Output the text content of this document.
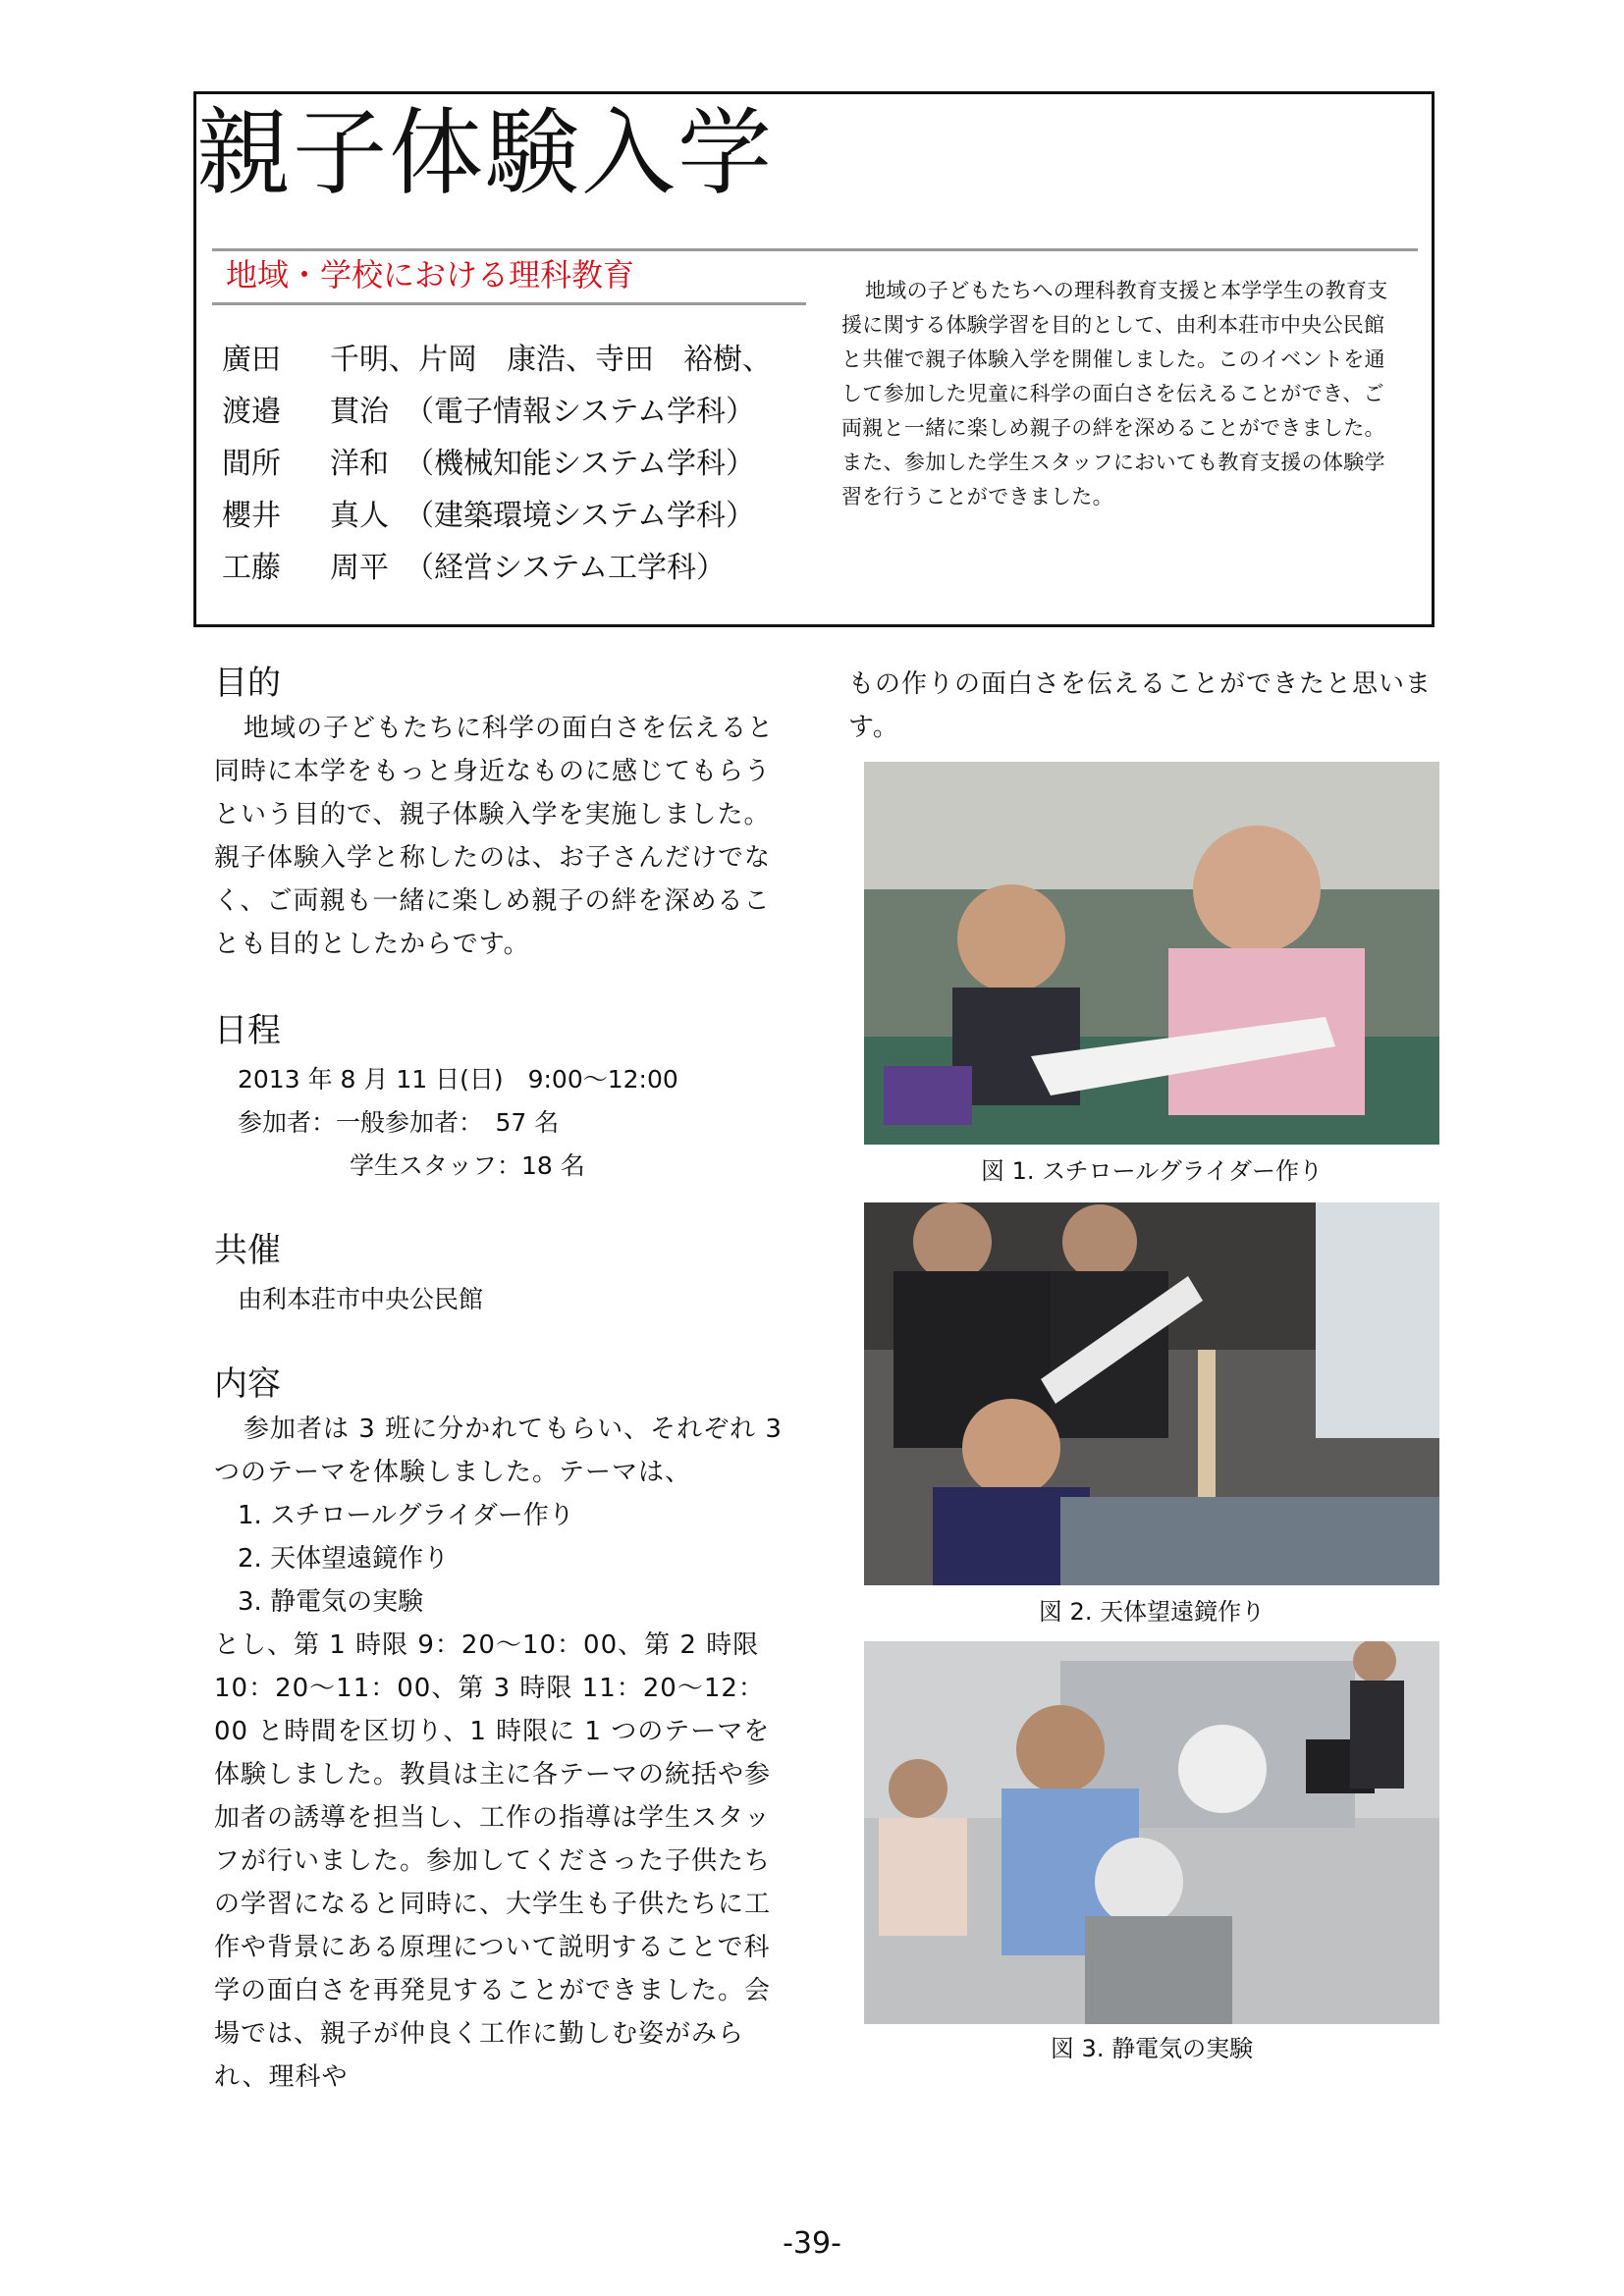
親子体験入学
地域・学校における理科教育
廣田 千明、片岡　康浩、寺田　裕樹、
渡邉 貫治 （電子情報システム学科）
間所 洋和 （機械知能システム学科）
櫻井 真人 （建築環境システム学科）
工藤 周平 （経営システム工学科）
地域の子どもたちへの理科教育支援と本学学生の教育支援に関する体験学習を目的として、由利本荘市中央公民館と共催で親子体験入学を開催しました。このイベントを通して参加した児童に科学の面白さを伝えることができ、ご両親と一緒に楽しめ親子の絆を深めることができました。また、参加した学生スタッフにおいても教育支援の体験学習を行うことができました。
目的
地域の子どもたちに科学の面白さを伝えると同時に本学をもっと身近なものに感じてもらうという目的で、親子体験入学を実施しました。親子体験入学と称したのは、お子さんだけでなく、ご両親も一緒に楽しめ親子の絆を深めることも目的としたからです。
日程
2013 年 8 月 11 日(日)　9:00～12:00
参加者：一般参加者：　57 名
学生スタッフ：18 名
共催
由利本荘市中央公民館
内容
参加者は 3 班に分かれてもらい、それぞれ 3 つのテーマを体験しました。テーマは、
1. スチロールグライダー作り
2. 天体望遠鏡作り
3. 静電気の実験
とし、第 1 時限 9：20～10：00、第 2 時限 10：20～11：00、第 3 時限 11：20～12：00 と時間を区切り、1 時限に 1 つのテーマを体験しました。教員は主に各テーマの統括や参加者の誘導を担当し、工作の指導は学生スタッフが行いました。参加してくださった子供たちの学習になると同時に、大学生も子供たちに工作や背景にある原理について説明することで科学の面白さを再発見することができました。会場では、親子が仲良く工作に勤しむ姿がみられ、理科や
もの作りの面白さを伝えることができたと思います。
図 1. スチロールグライダー作り
図 2. 天体望遠鏡作り
図 3. 静電気の実験
-39-
